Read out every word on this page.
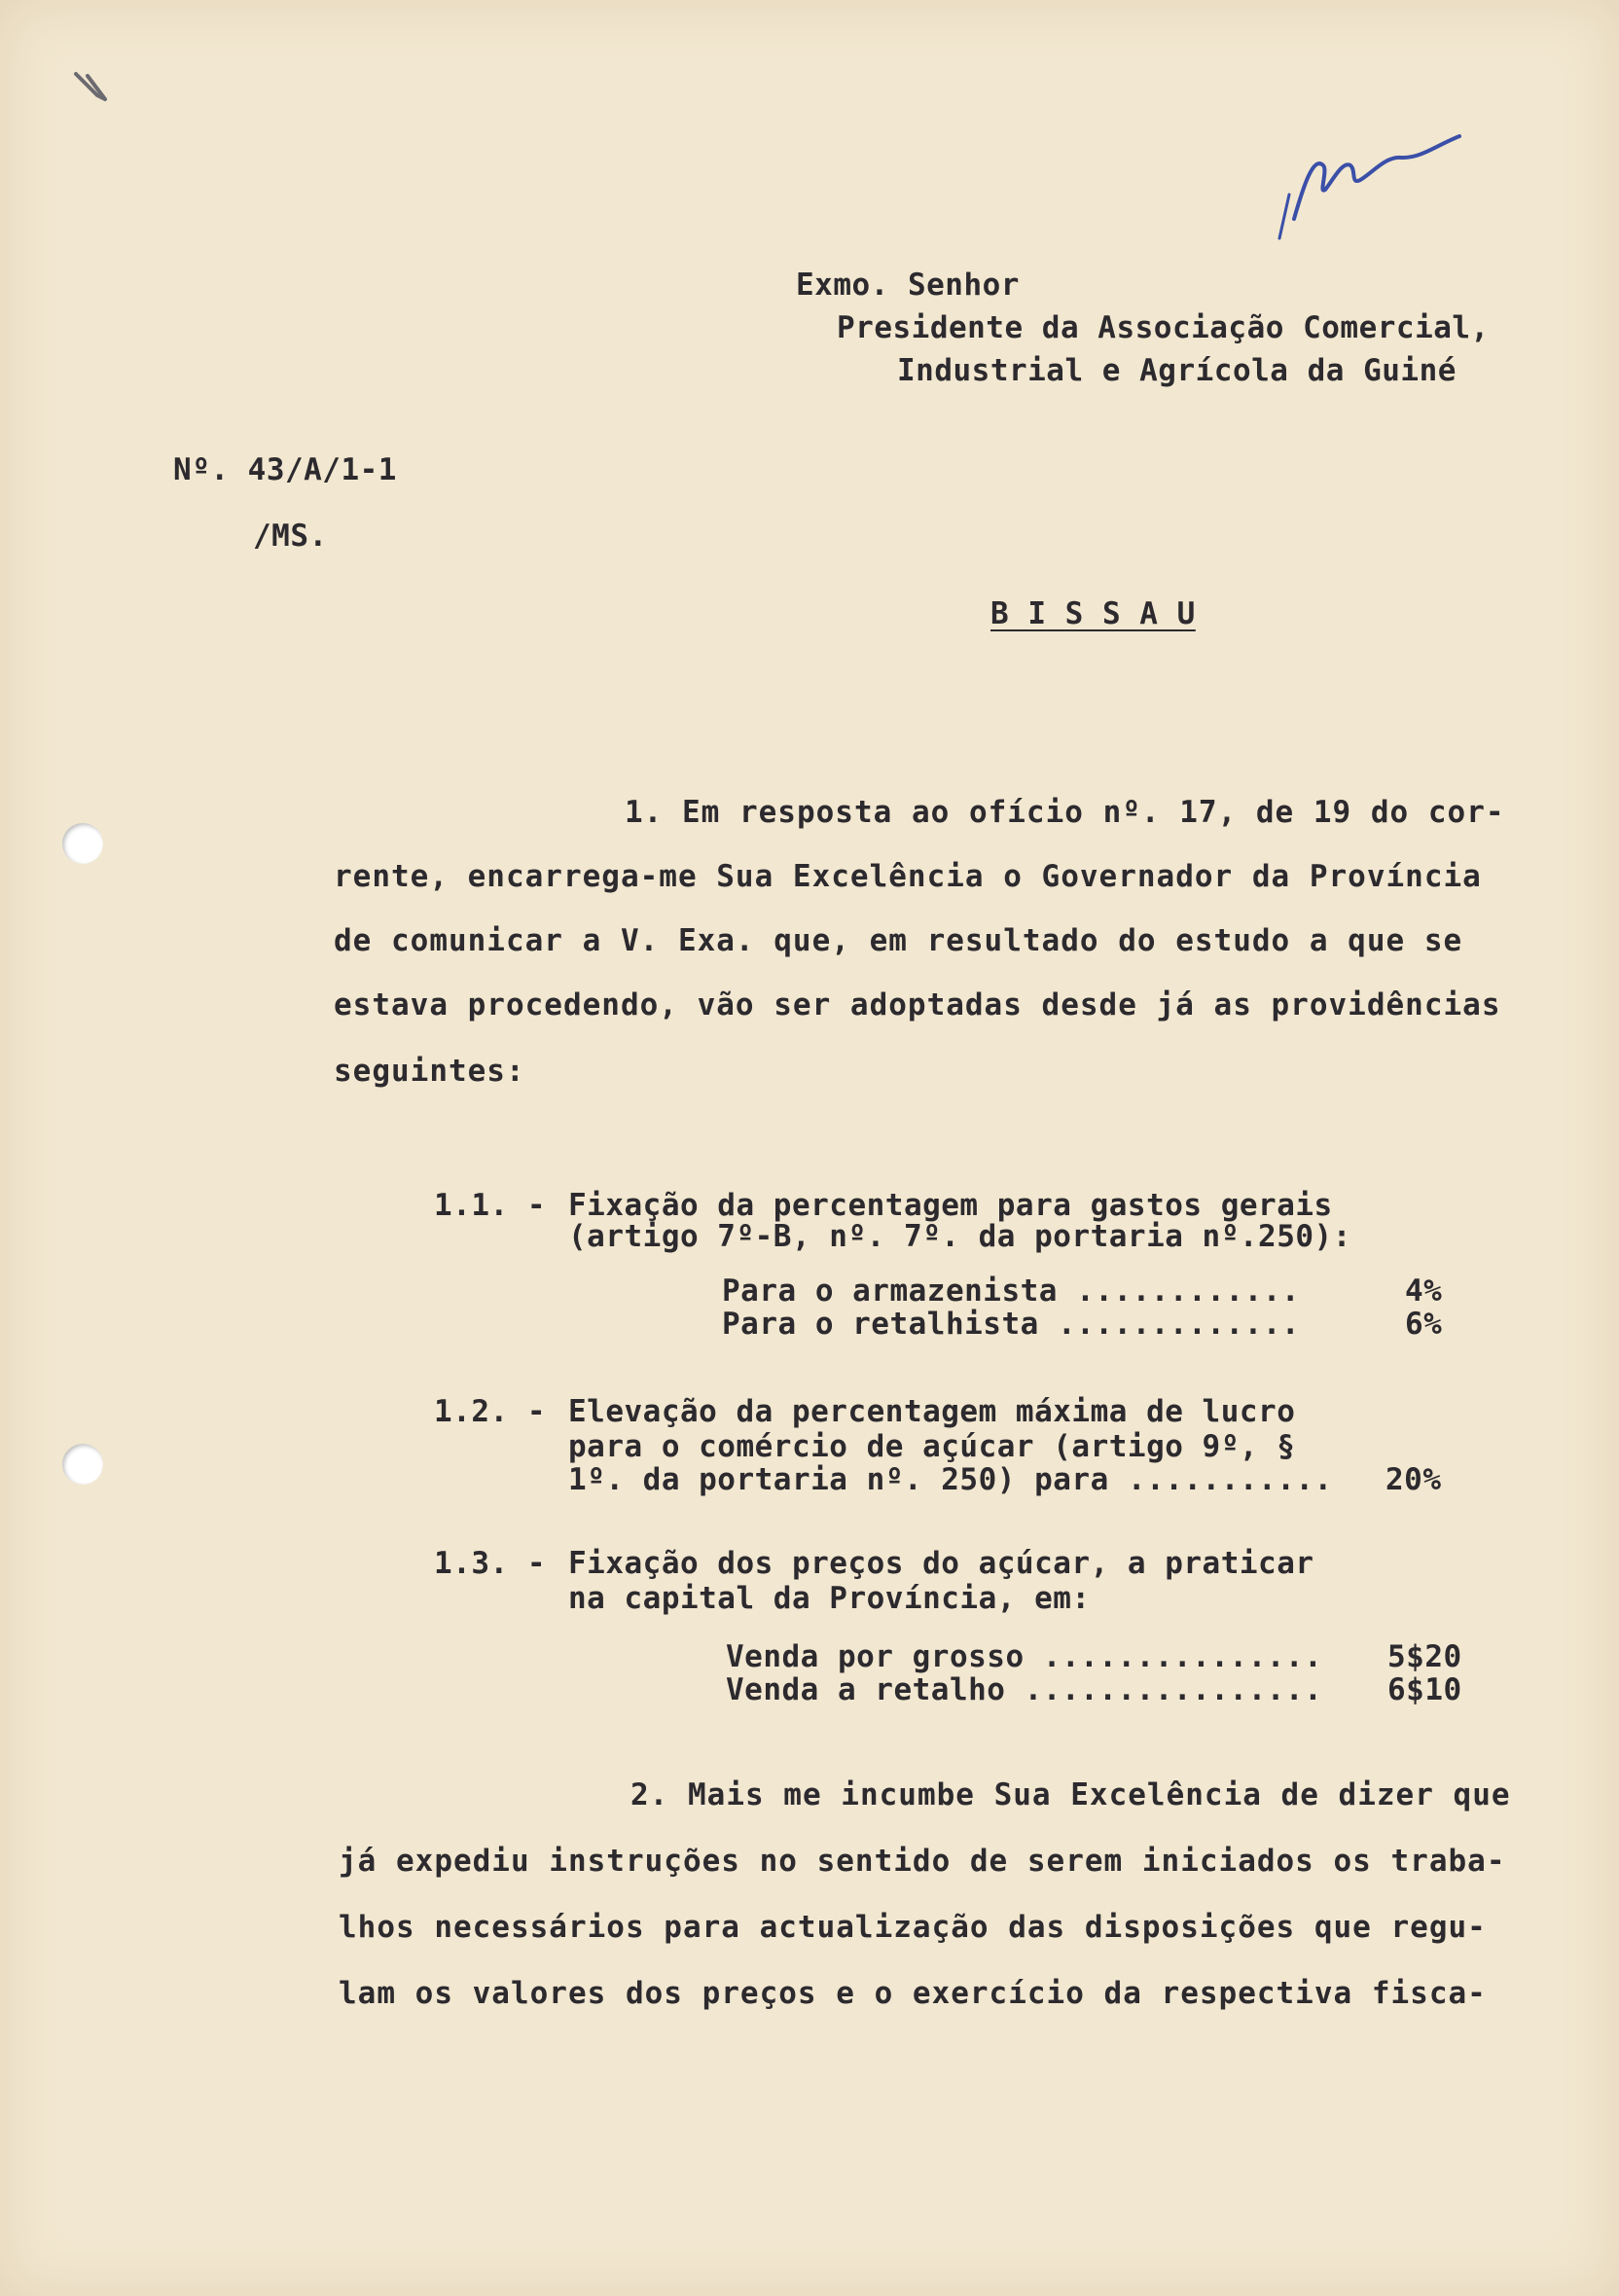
Exmo. Senhor
Presidente da Associação Comercial,
Industrial e Agrícola da Guiné
Nº. 43/A/1-1
/MS.
B I S S A U
1. Em resposta ao ofício nº. 17, de 19 do cor-
rente, encarrega-me Sua Excelência o Governador da Província
de comunicar a V. Exa. que, em resultado do estudo a que se
estava procedendo, vão ser adoptadas desde já as providências
seguintes:
1.1. - Fixação da percentagem para gastos gerais
(artigo 7º-B, nº. 7º. da portaria nº.250):
Para o armazenista ............	4%
Para o retalhista .............	6%
1.2. - Elevação da percentagem máxima de lucro
para o comércio de açúcar (artigo 9º, §
1º. da portaria nº. 250) para ........... 20%
1.3. - Fixação dos preços do açúcar, a praticar
na capital da Província, em:
Venda por grosso ............... 5$20
Venda a retalho ................ 6$10
2. Mais me incumbe Sua Excelência de dizer que
já expediu instruções no sentido de serem iniciados os traba-
lhos necessários para actualização das disposições que regu-
lam os valores dos preços e o exercício da respectiva fisca-
